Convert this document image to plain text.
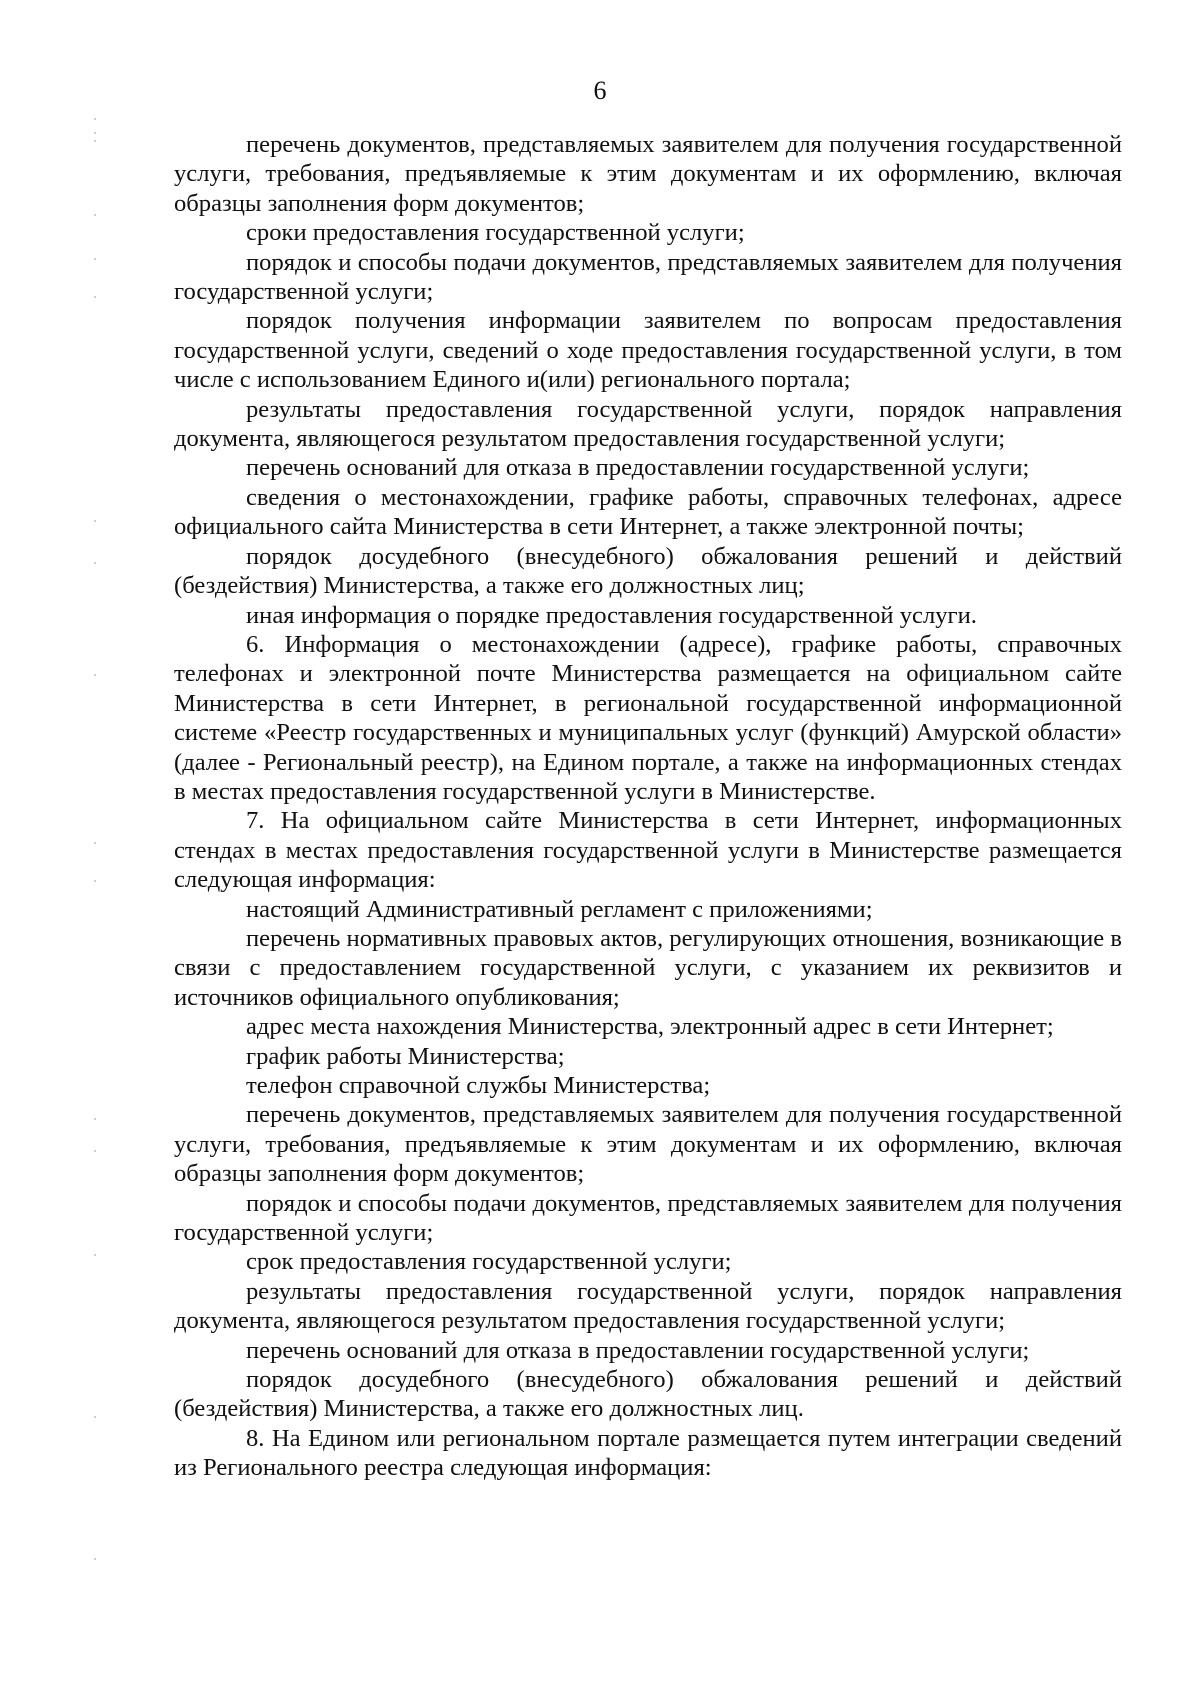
6

перечень документов, представляемых заявителем для получения государственной услуги, требования, предъявляемые к этим документам и их оформлению, включая образцы заполнения форм документов;

сроки предоставления государственной услуги;

порядок и способы подачи документов, представляемых заявителем для получения государственной услуги;

порядок получения информации заявителем по вопросам предоставления государственной услуги, сведений о ходе предоставления государственной услуги, в том числе с использованием Единого и(или) регионального портала;

результаты предоставления государственной услуги, порядок направления документа, являющегося результатом предоставления государственной услуги;

перечень оснований для отказа в предоставлении государственной услуги;

сведения о местонахождении, графике работы, справочных телефонах, адресе официального сайта Министерства в сети Интернет, а также электронной почты;

порядок досудебного (внесудебного) обжалования решений и действий (бездействия) Министерства, а также его должностных лиц;

иная информация о порядке предоставления государственной услуги.

6. Информация о местонахождении (адресе), графике работы, справочных телефонах и электронной почте Министерства размещается на официальном сайте Министерства в сети Интернет, в региональной государственной информационной системе «Реестр государственных и муниципальных услуг (функций) Амурской области» (далее - Региональный реестр), на Едином портале, а также на информационных стендах в местах предоставления государственной услуги в Министерстве.

7. На официальном сайте Министерства в сети Интернет, информационных стендах в местах предоставления государственной услуги в Министерстве размещается следующая информация:

настоящий Административный регламент с приложениями;

перечень нормативных правовых актов, регулирующих отношения, возникающие в связи с предоставлением государственной услуги, с указанием их реквизитов и источников официального опубликования;

адрес места нахождения Министерства, электронный адрес в сети Интернет;

график работы Министерства;

телефон справочной службы Министерства;

перечень документов, представляемых заявителем для получения государственной услуги, требования, предъявляемые к этим документам и их оформлению, включая образцы заполнения форм документов;

порядок и способы подачи документов, представляемых заявителем для получения государственной услуги;

срок предоставления государственной услуги;

результаты предоставления государственной услуги, порядок направления документа, являющегося результатом предоставления государственной услуги;

перечень оснований для отказа в предоставлении государственной услуги;

порядок досудебного (внесудебного) обжалования решений и действий (бездействия) Министерства, а также его должностных лиц.

8. На Едином или региональном портале размещается путем интеграции сведений из Регионального реестра следующая информация:
